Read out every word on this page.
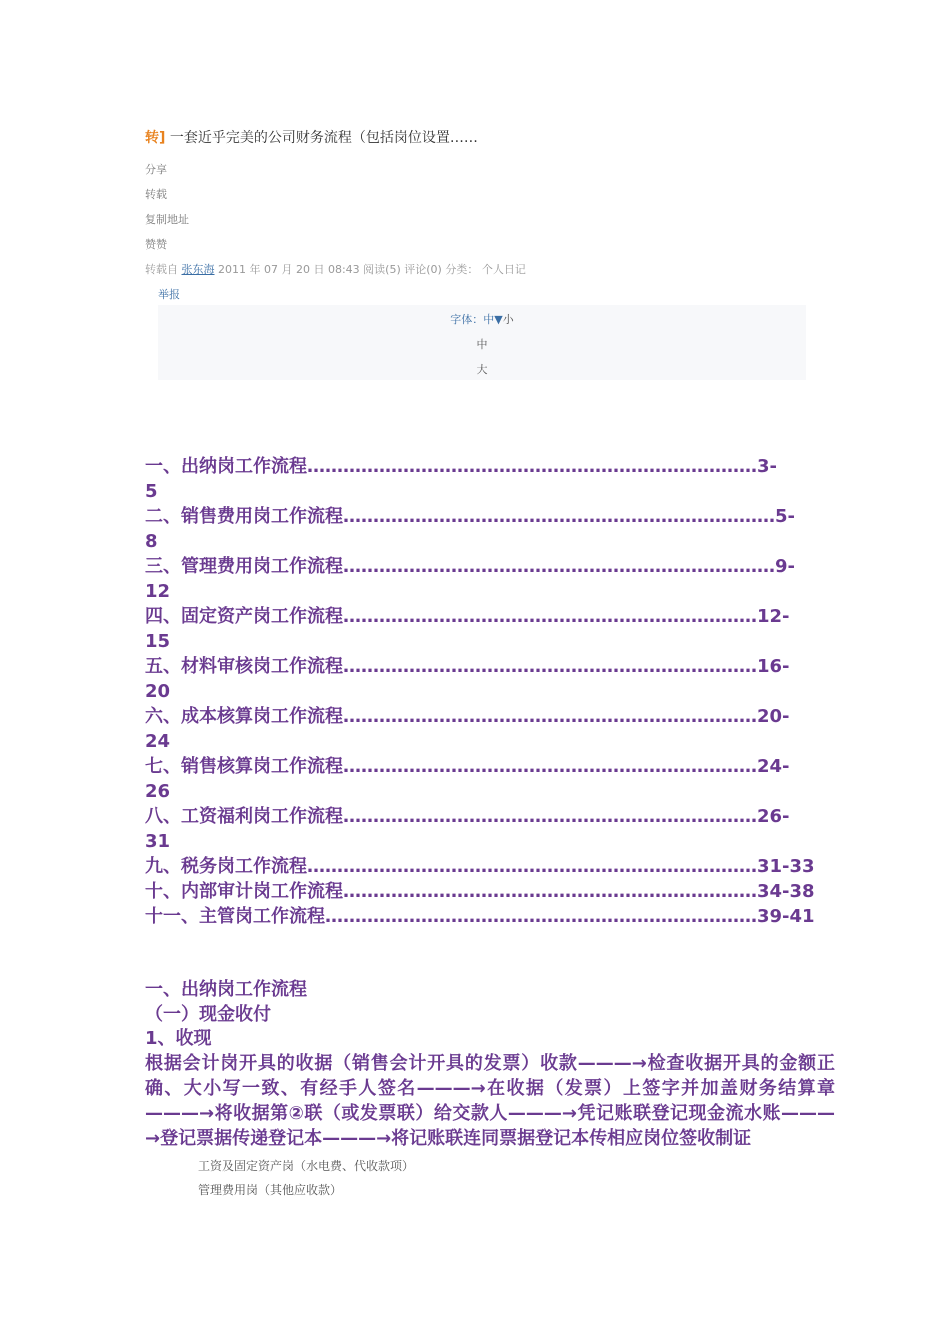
转] 一套近乎完美的公司财务流程（包括岗位设置……
分享
转载
复制地址
赞赞
转载自 张东海 2011 年 07 月 20 日 08:43 阅读(5) 评论(0) 分类： 个人日记
举报
字体：中▼小
中
大
一、出纳岗工作流程…………………………………………………………………3-
5
二、销售费用岗工作流程………………………………………………………………5-
8
三、管理费用岗工作流程………………………………………………………………9-
12
四、固定资产岗工作流程……………………………………………………………12-
15
五、材料审核岗工作流程……………………………………………………………16-
20
六、成本核算岗工作流程……………………………………………………………20-
24
七、销售核算岗工作流程……………………………………………………………24-
26
八、工资福利岗工作流程……………………………………………………………26-
31
九、税务岗工作流程…………………………………………………………………31-33
十、内部审计岗工作流程……………………………………………………………34-38
十一、主管岗工作流程………………………………………………………………39-41
一、出纳岗工作流程
（一）现金收付
1、收现
根据会计岗开具的收据（销售会计开具的发票）收款———→检查收据开具的金额正确、大小写一致、有经手人签名———→在收据（发票）上签字并加盖财务结算章———→将收据第②联（或发票联）给交款人———→凭记账联登记现金流水账———→登记票据传递登记本———→将记账联连同票据登记本传相应岗位签收制证
工资及固定资产岗（水电费、代收款项）
管理费用岗（其他应收款）
